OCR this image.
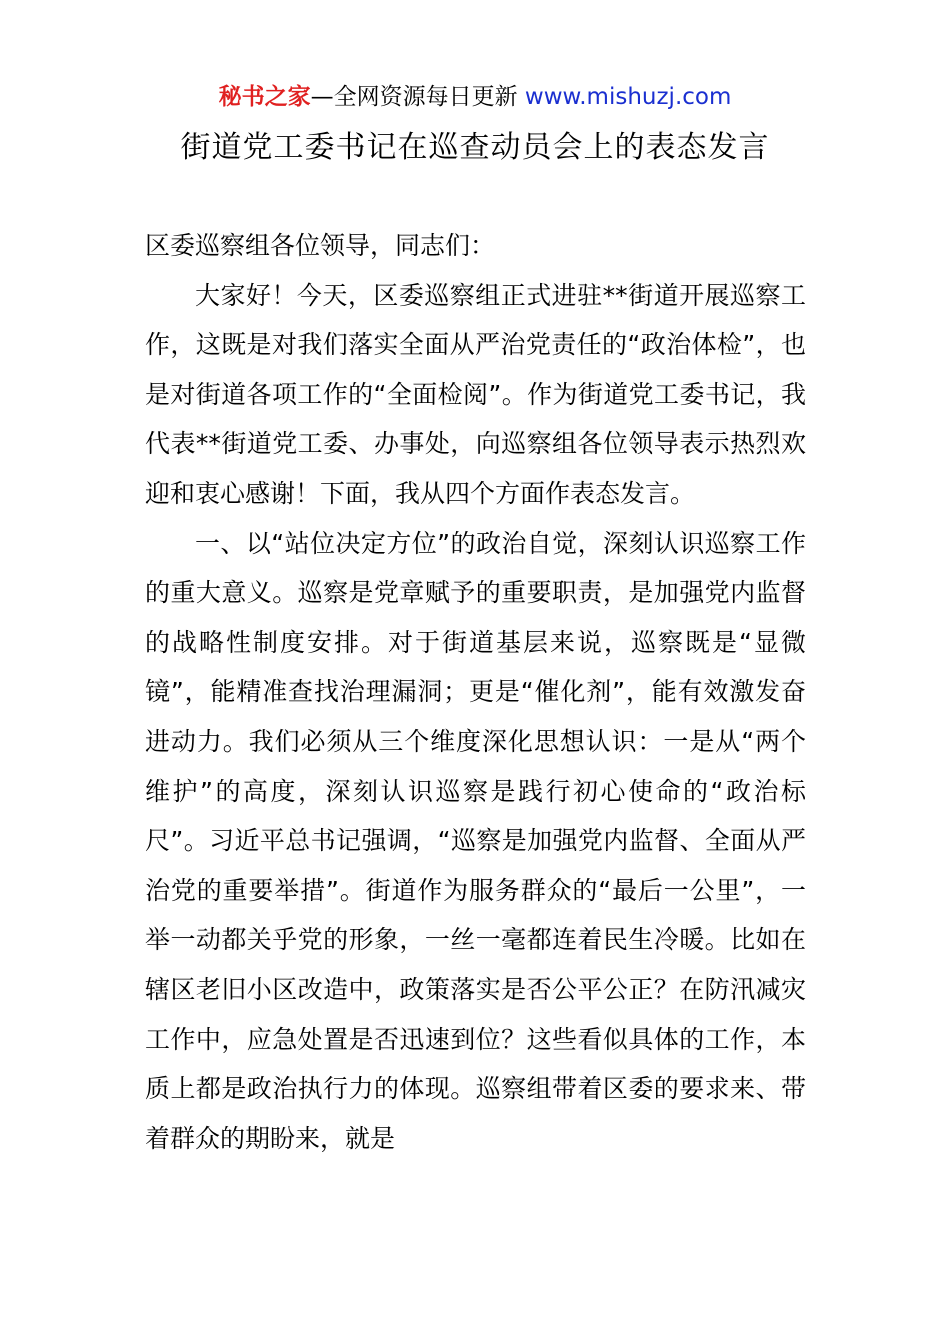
秘书之家—全网资源每日更新 www.mishuzj.com
街道党工委书记在巡查动员会上的表态发言

区委巡察组各位领导，同志们：

大家好！今天，区委巡察组正式进驻**街道开展巡察工作，这既是对我们落实全面从严治党责任的“政治体检”，也是对街道各项工作的“全面检阅”。作为街道党工委书记，我代表**街道党工委、办事处，向巡察组各位领导表示热烈欢迎和衷心感谢！下面，我从四个方面作表态发言。

一、以“站位决定方位”的政治自觉，深刻认识巡察工作的重大意义。巡察是党章赋予的重要职责，是加强党内监督的战略性制度安排。对于街道基层来说，巡察既是“显微镜”，能精准查找治理漏洞；更是“催化剂”，能有效激发奋进动力。我们必须从三个维度深化思想认识：一是从“两个维护”的高度，深刻认识巡察是践行初心使命的“政治标尺”。习近平总书记强调，“巡察是加强党内监督、全面从严治党的重要举措”。街道作为服务群众的“最后一公里”，一举一动都关乎党的形象，一丝一毫都连着民生冷暖。比如在辖区老旧小区改造中，政策落实是否公平公正？在防汛减灾工作中，应急处置是否迅速到位？这些看似具体的工作，本质上都是政治执行力的体现。巡察组带着区委的要求来、带着群众的期盼来，就是
